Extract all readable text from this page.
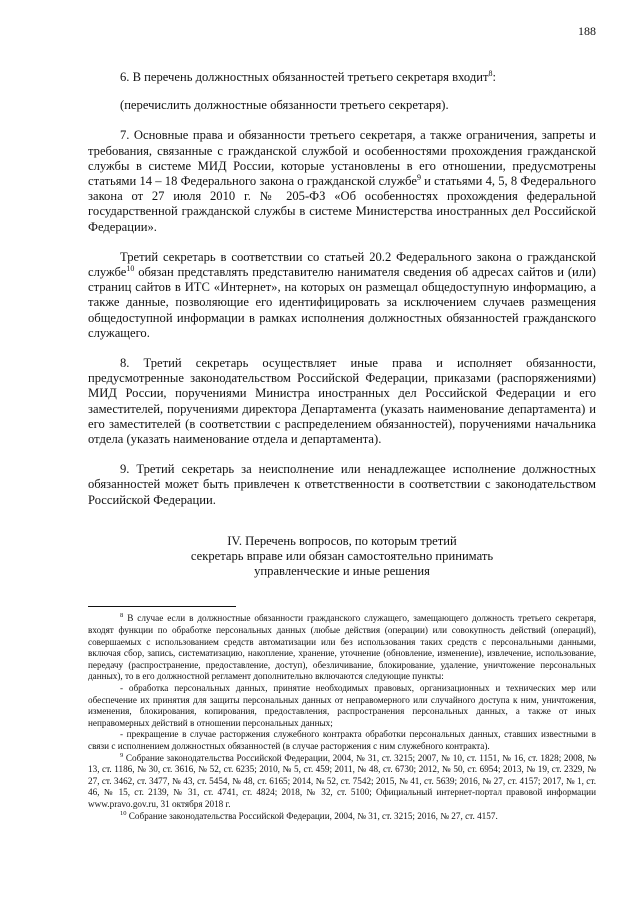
188

6. В перечень должностных обязанностей третьего секретаря входит$^8$:

(перечислить должностные обязанности третьего секретаря).

7. Основные права и обязанности третьего секретаря, а также ограничения, запреты и требования, связанные с гражданской службой и особенностями прохождения гражданской службы в системе МИД России, которые установлены в его отношении, предусмотрены статьями 14 – 18 Федерального закона о гражданской службе$^9$ и статьями 4, 5, 8 Федерального закона от 27 июля 2010 г. № 205-ФЗ «Об особенностях прохождения федеральной государственной гражданской службы в системе Министерства иностранных дел Российской Федерации».

Третий секретарь в соответствии со статьей 20.2 Федерального закона о гражданской службе$^{10}$ обязан представлять представителю нанимателя сведения об адресах сайтов и (или) страниц сайтов в ИТС «Интернет», на которых он размещал общедоступную информацию, а также данные, позволяющие его идентифицировать за исключением случаев размещения общедоступной информации в рамках исполнения должностных обязанностей гражданского служащего.

8. Третий секретарь осуществляет иные права и исполняет обязанности, предусмотренные законодательством Российской Федерации, приказами (распоряжениями) МИД России, поручениями Министра иностранных дел Российской Федерации и его заместителей, поручениями директора Департамента (указать наименование департамента) и его заместителей (в соответствии с распределением обязанностей), поручениями начальника отдела (указать наименование отдела и департамента).

9. Третий секретарь за неисполнение или ненадлежащее исполнение должностных обязанностей может быть привлечен к ответственности в соответствии с законодательством Российской Федерации.

IV. Перечень вопросов, по которым третий
секретарь вправе или обязан самостоятельно принимать
управленческие и иные решения

$^8$ В случае если в должностные обязанности гражданского служащего, замещающего должность третьего секретаря, входят функции по обработке персональных данных (любые действия (операции) или совокупность действий (операций), совершаемых с использованием средств автоматизации или без использования таких средств с персональными данными, включая сбор, запись, систематизацию, накопление, хранение, уточнение (обновление, изменение), извлечение, использование, передачу (распространение, предоставление, доступ), обезличивание, блокирование, удаление, уничтожение персональных данных), то в его должностной регламент дополнительно включаются следующие пункты:

- обработка персональных данных, принятие необходимых правовых, организационных и технических мер или обеспечение их принятия для защиты персональных данных от неправомерного или случайного доступа к ним, уничтожения, изменения, блокирования, копирования, предоставления, распространения персональных данных, а также от иных неправомерных действий в отношении персональных данных;

- прекращение в случае расторжения служебного контракта обработки персональных данных, ставших известными в связи с исполнением должностных обязанностей (в случае расторжения с ним служебного контракта).

$^9$ Собрание законодательства Российской Федерации, 2004, № 31, ст. 3215; 2007, № 10, ст. 1151, № 16, ст. 1828; 2008, № 13, ст. 1186, № 30, ст. 3616, № 52, ст. 6235; 2010, № 5, ст. 459; 2011, № 48, ст. 6730; 2012, № 50, ст. 6954; 2013, № 19, ст. 2329, № 27, ст. 3462, ст. 3477, № 43, ст. 5454, № 48, ст. 6165; 2014, № 52, ст. 7542; 2015, № 41, ст. 5639; 2016, № 27, ст. 4157; 2017, № 1, ст. 46, № 15, ст. 2139, № 31, ст. 4741, ст. 4824; 2018, № 32, ст. 5100; Официальный интернет-портал правовой информации www.pravo.gov.ru, 31 октября 2018 г.

$^{10}$ Собрание законодательства Российской Федерации, 2004, № 31, ст. 3215; 2016, № 27, ст. 4157.
